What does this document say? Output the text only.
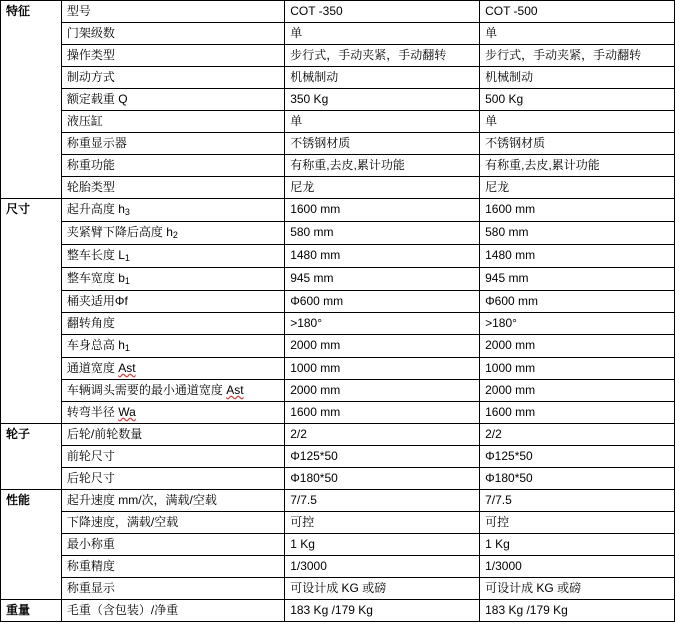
特征	型号	COT -350	COT -500
	门架级数	单	单
	操作类型	步行式，手动夹紧，手动翻转	步行式，手动夹紧，手动翻转
	制动方式	机械制动	机械制动
	额定载重 Q	350 Kg	500 Kg
	液压缸	单	单
	称重显示器	不锈钢材质	不锈钢材质
	称重功能	有称重,去皮,累计功能	有称重,去皮,累计功能
	轮胎类型	尼龙	尼龙
尺寸	起升高度 $h_3$	1600 mm	1600 mm
	夹紧臂下降后高度 $h_2$	580 mm	580 mm
	整车长度 $L_1$	1480 mm	1480 mm
	整车宽度 $b_1$	945 mm	945 mm
	桶夹适用Φf	Φ600 mm	Φ600 mm
	翻转角度	>180°	>180°
	车身总高 $h_1$	2000 mm	2000 mm
	通道宽度 Ast	1000 mm	1000 mm
	车辆调头需要的最小通道宽度 Ast	2000 mm	2000 mm
	转弯半径 Wa	1600 mm	1600 mm
轮子	后轮/前轮数量	2/2	2/2
	前轮尺寸	Φ125*50	Φ125*50
	后轮尺寸	Φ180*50	Φ180*50
性能	起升速度 mm/次，满载/空载	7/7.5	7/7.5
	下降速度，满载/空载	可控	可控
	最小称重	1 Kg	1 Kg
	称重精度	1/3000	1/3000
	称重显示	可设计成 KG 或磅	可设计成 KG 或磅
重量	毛重（含包装）/净重	183 Kg /179 Kg	183 Kg /179 Kg
